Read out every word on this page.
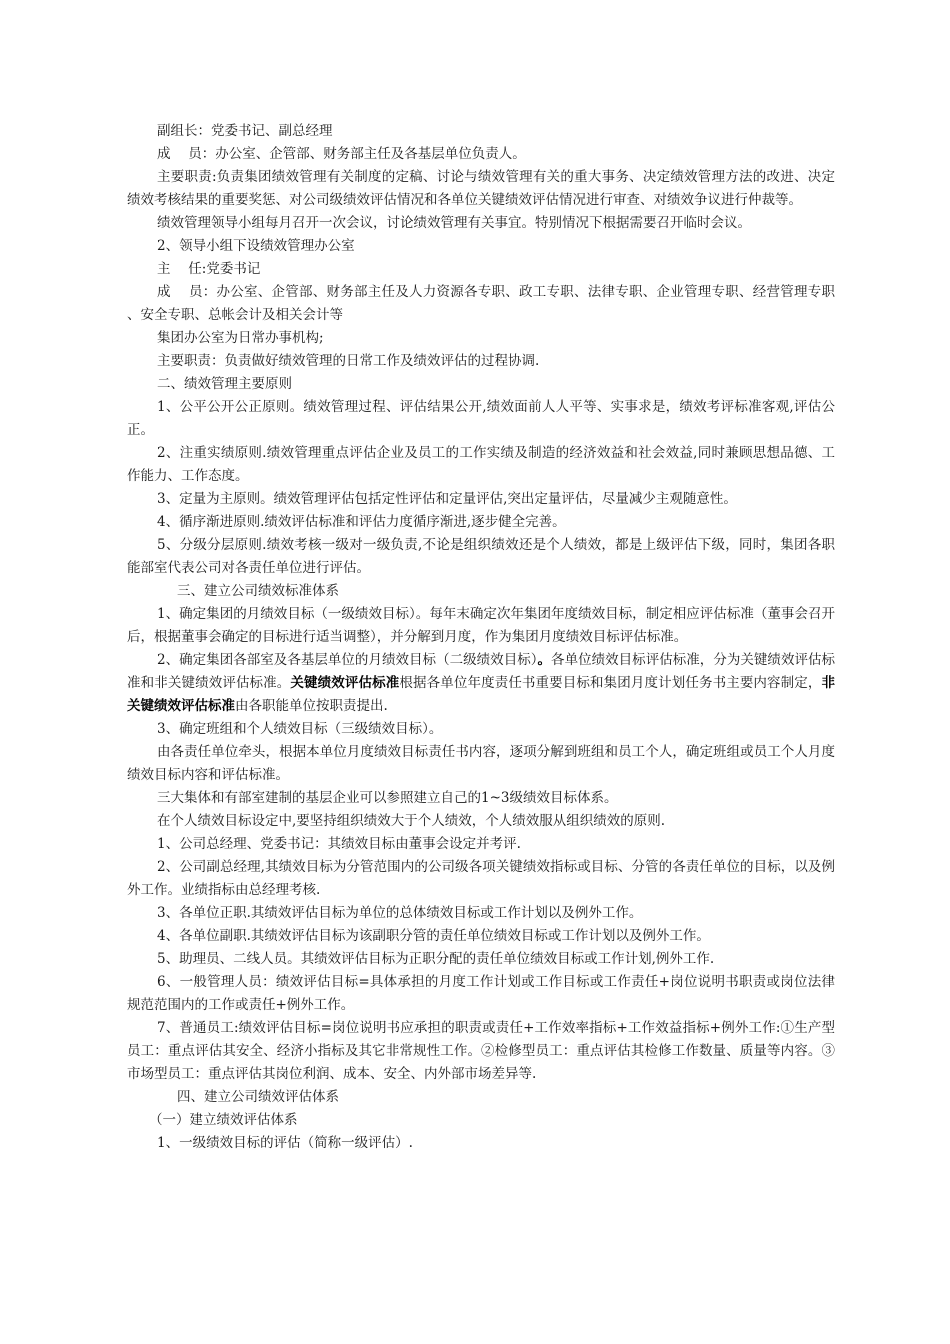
副组长：党委书记、副总经理

成　 员：办公室、企管部、财务部主任及各基层单位负责人。

主要职责:负责集团绩效管理有关制度的定稿、讨论与绩效管理有关的重大事务、决定绩效管理方法的改进、决定绩效考核结果的重要奖惩、对公司级绩效评估情况和各单位关键绩效评估情况进行审查、对绩效争议进行仲裁等。

绩效管理领导小组每月召开一次会议，讨论绩效管理有关事宜。特别情况下根据需要召开临时会议。

2、领导小组下设绩效管理办公室

主　 任:党委书记

成　 员：办公室、企管部、财务部主任及人力资源各专职、政工专职、法律专职、企业管理专职、经营管理专职 、安全专职、总帐会计及相关会计等

集团办公室为日常办事机构;

主要职责：负责做好绩效管理的日常工作及绩效评估的过程协调.

二、绩效管理主要原则

1、公平公开公正原则。绩效管理过程、评估结果公开,绩效面前人人平等、实事求是，绩效考评标准客观,评估公正。

2、注重实绩原则.绩效管理重点评估企业及员工的工作实绩及制造的经济效益和社会效益,同时兼顾思想品德、工作能力、工作态度。

3、定量为主原则。绩效管理评估包括定性评估和定量评估,突出定量评估，尽量减少主观随意性。

4、循序渐进原则.绩效评估标准和评估力度循序渐进,逐步健全完善。

5、分级分层原则.绩效考核一级对一级负责,不论是组织绩效还是个人绩效，都是上级评估下级，同时，集团各职能部室代表公司对各责任单位进行评估。

三、建立公司绩效标准体系

1、确定集团的月绩效目标（一级绩效目标）。每年末确定次年集团年度绩效目标，制定相应评估标准（董事会召开后，根据董事会确定的目标进行适当调整），并分解到月度，作为集团月度绩效目标评估标准。

2、确定集团各部室及各基层单位的月绩效目标（二级绩效目标）。各单位绩效目标评估标准，分为关键绩效评估标准和非关键绩效评估标准。关键绩效评估标准根据各单位年度责任书重要目标和集团月度计划任务书主要内容制定，非关键绩效评估标准由各职能单位按职责提出.

3、确定班组和个人绩效目标（三级绩效目标）。

由各责任单位牵头，根据本单位月度绩效目标责任书内容，逐项分解到班组和员工个人，确定班组或员工个人月度绩效目标内容和评估标准。

三大集体和有部室建制的基层企业可以参照建立自己的1~3级绩效目标体系。

在个人绩效目标设定中,要坚持组织绩效大于个人绩效，个人绩效服从组织绩效的原则.

1、公司总经理、党委书记：其绩效目标由董事会设定并考评.

2、公司副总经理,其绩效目标为分管范围内的公司级各项关键绩效指标或目标、分管的各责任单位的目标，以及例外工作。业绩指标由总经理考核.

3、各单位正职.其绩效评估目标为单位的总体绩效目标或工作计划以及例外工作。

4、各单位副职.其绩效评估目标为该副职分管的责任单位绩效目标或工作计划以及例外工作。

5、助理员、二线人员。其绩效评估目标为正职分配的责任单位绩效目标或工作计划,例外工作.

6、一般管理人员：绩效评估目标=具体承担的月度工作计划或工作目标或工作责任+岗位说明书职责或岗位法律规范范围内的工作或责任+例外工作。

7、普通员工:绩效评估目标=岗位说明书应承担的职责或责任+工作效率指标+工作效益指标+例外工作:①生产型员工：重点评估其安全、经济小指标及其它非常规性工作。②检修型员工：重点评估其检修工作数量、质量等内容。③市场型员工：重点评估其岗位利润、成本、安全、内外部市场差异等.

四、建立公司绩效评估体系

（一）建立绩效评估体系

1、一级绩效目标的评估（简称一级评估）.
